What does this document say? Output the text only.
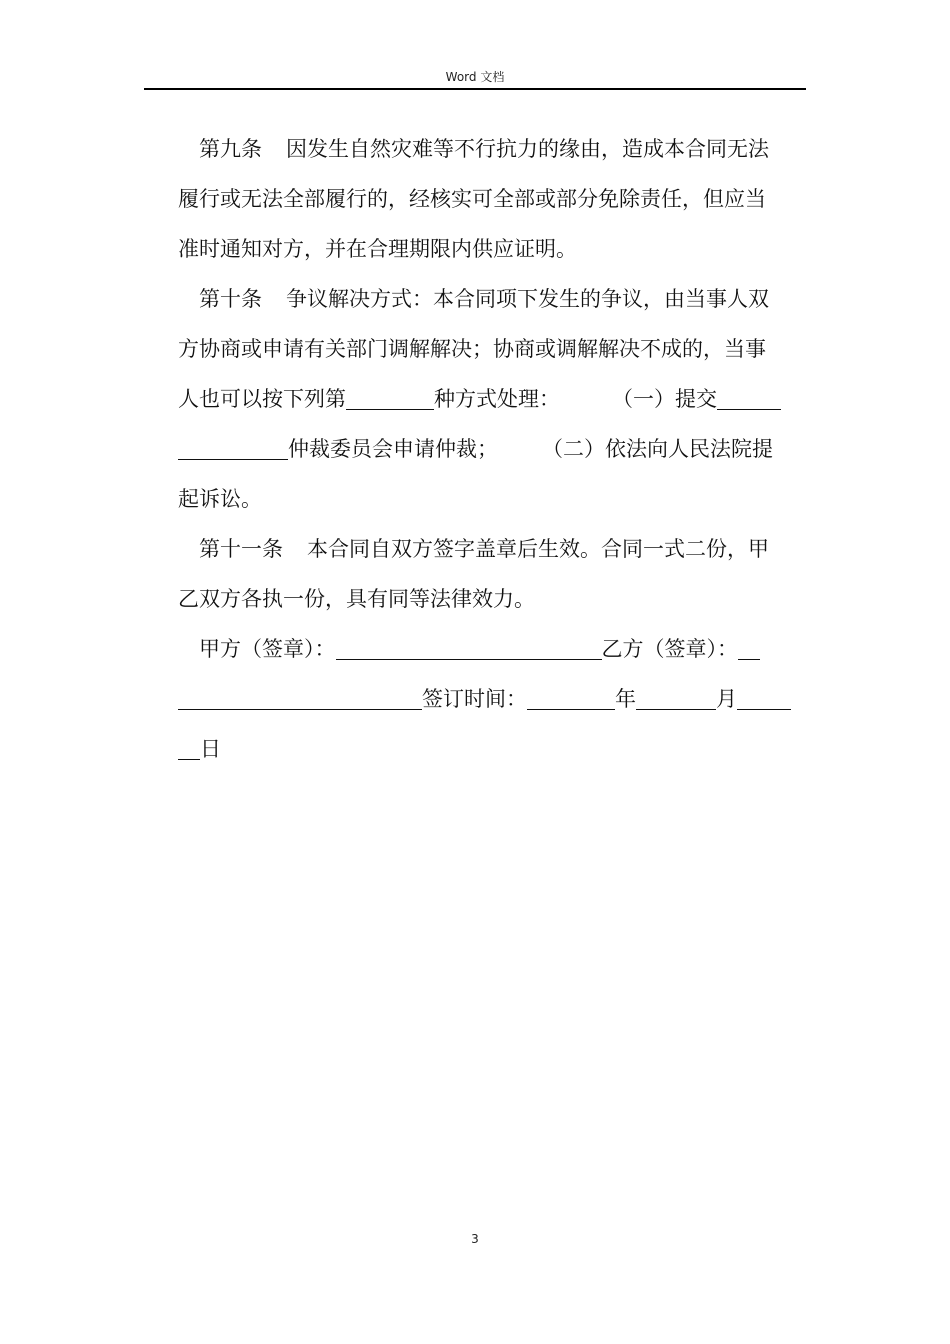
Word 文档
第九条 因发生自然灾难等不行抗力的缘由，造成本合同无法
履行或无法全部履行的，经核实可全部或部分免除责任，但应当
准时通知对方，并在合理期限内供应证明。
第十条 争议解决方式：本合同项下发生的争议，由当事人双
方协商或申请有关部门调解解决；协商或调解解决不成的，当事
人也可以按下列第	种方式处理： （一）提交
仲裁委员会申请仲裁； （二）依法向人民法院提
起诉讼。
第十一条 本合同自双方签字盖章后生效。合同一式二份，甲
乙双方各执一份，具有同等法律效力。
甲方（签章）：	乙方（签章）：
签订时间：	年	月
日
3
